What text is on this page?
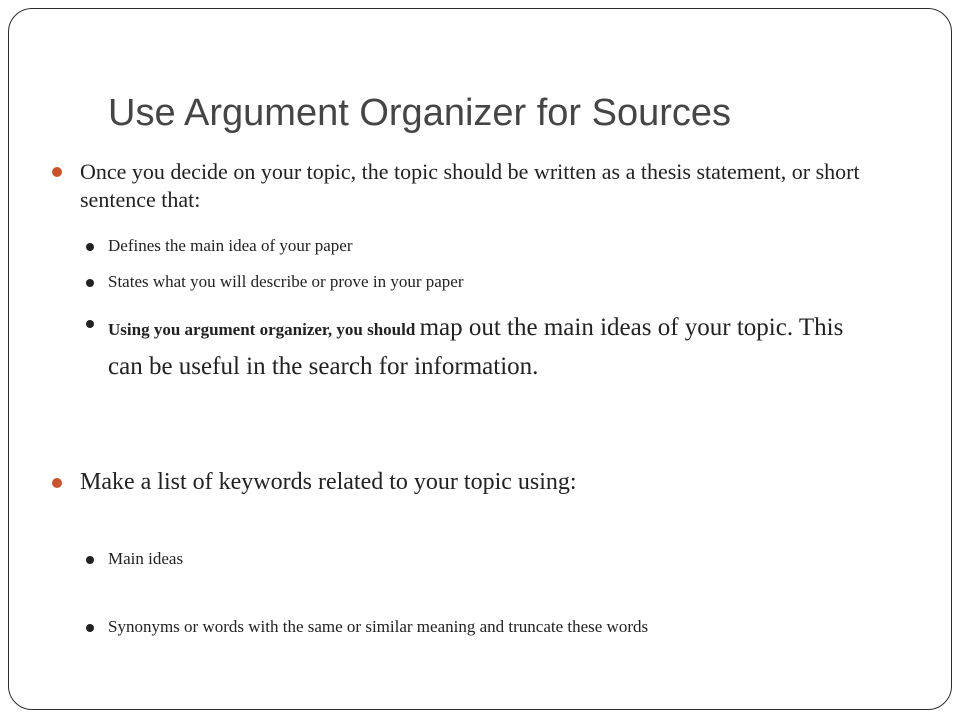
Use Argument Organizer for Sources
Once you decide on your topic, the topic should be written as a thesis statement, or short sentence that:
Defines the main idea of your paper
States what you will describe or prove in your paper
Using you argument organizer, you should map out the main ideas of your topic. This can be useful in the search for information.
Make a list of keywords related to your topic using:
Main ideas
Synonyms or words with the same or similar meaning and truncate these words
